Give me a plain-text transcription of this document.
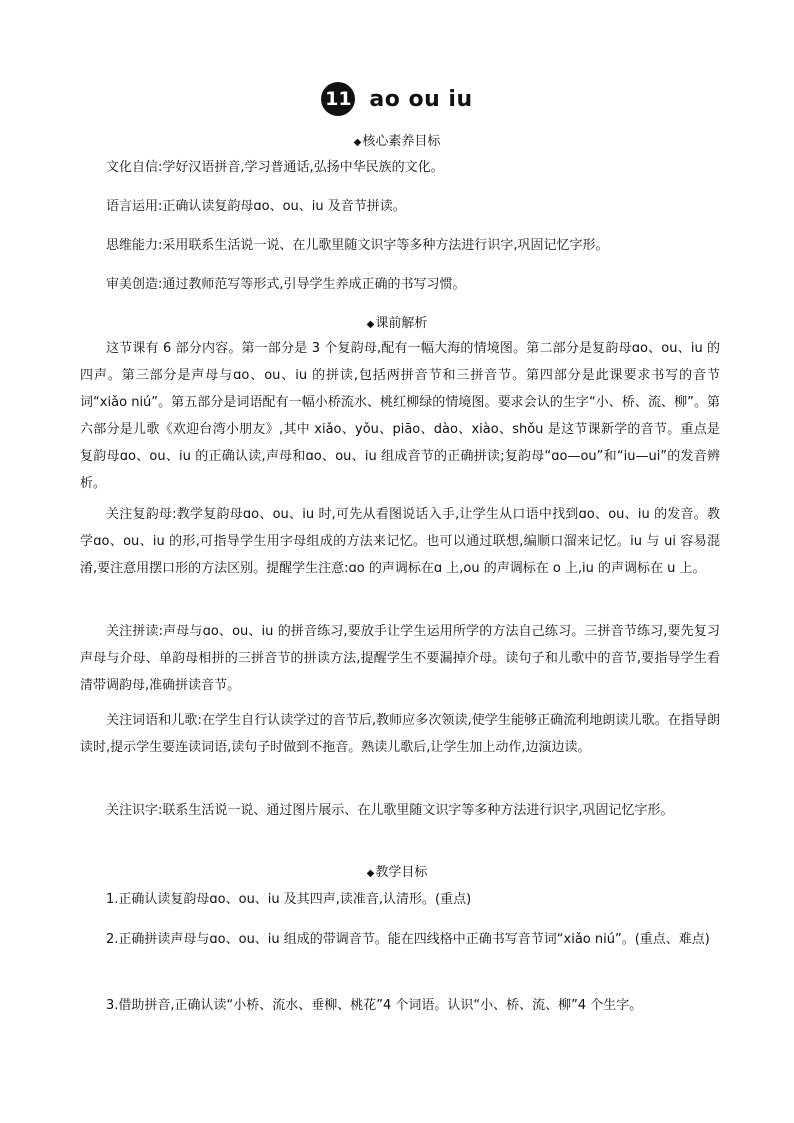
11 ao ou iu
◆核心素养目标

文化自信:学好汉语拼音,学习普通话,弘扬中华民族的文化。

语言运用:正确认读复韵母ɑo、ou、iu 及音节拼读。

思维能力:采用联系生活说一说、在儿歌里随文识字等多种方法进行识字,巩固记忆字形。

审美创造:通过教师范写等形式,引导学生养成正确的书写习惯。

◆课前解析

这节课有 6 部分内容。第一部分是 3 个复韵母,配有一幅大海的情境图。第二部分是复韵母ɑo、ou、iu 的四声。第三部分是声母与ɑo、ou、iu 的拼读,包括两拼音节和三拼音节。第四部分是此课要求书写的音节词“xiǎo niú”。第五部分是词语配有一幅小桥流水、桃红柳绿的情境图。要求会认的生字“小、桥、流、柳”。第六部分是儿歌《欢迎台湾小朋友》,其中 xiǎo、yǒu、piāo、dào、xiào、shǒu 是这节课新学的音节。重点是复韵母ɑo、ou、iu 的正确认读,声母和ɑo、ou、iu 组成音节的正确拼读;复韵母“ɑo—ou”和“iu—ui”的发音辨析。

关注复韵母:教学复韵母ɑo、ou、iu 时,可先从看图说话入手,让学生从口语中找到ɑo、ou、iu 的发音。教学ɑo、ou、iu 的形,可指导学生用字母组成的方法来记忆。也可以通过联想,编顺口溜来记忆。iu 与 ui 容易混淆,要注意用摆口形的方法区别。提醒学生注意:ɑo 的声调标在ɑ 上,ou 的声调标在 o 上,iu 的声调标在 u 上。

关注拼读:声母与ɑo、ou、iu 的拼音练习,要放手让学生运用所学的方法自己练习。三拼音节练习,要先复习声母与介母、单韵母相拼的三拼音节的拼读方法,提醒学生不要漏掉介母。读句子和儿歌中的音节,要指导学生看清带调韵母,准确拼读音节。

关注词语和儿歌:在学生自行认读学过的音节后,教师应多次领读,使学生能够正确流利地朗读儿歌。在指导朗读时,提示学生要连读词语,读句子时做到不拖音。熟读儿歌后,让学生加上动作,边演边读。

关注识字:联系生活说一说、通过图片展示、在儿歌里随文识字等多种方法进行识字,巩固记忆字形。

◆教学目标

1.正确认读复韵母ɑo、ou、iu 及其四声,读准音,认清形。(重点)

2.正确拼读声母与ɑo、ou、iu 组成的带调音节。能在四线格中正确书写音节词“xiǎo niú”。(重点、难点)

3.借助拼音,正确认读“小桥、流水、垂柳、桃花”4 个词语。认识“小、桥、流、柳”4 个生字。
